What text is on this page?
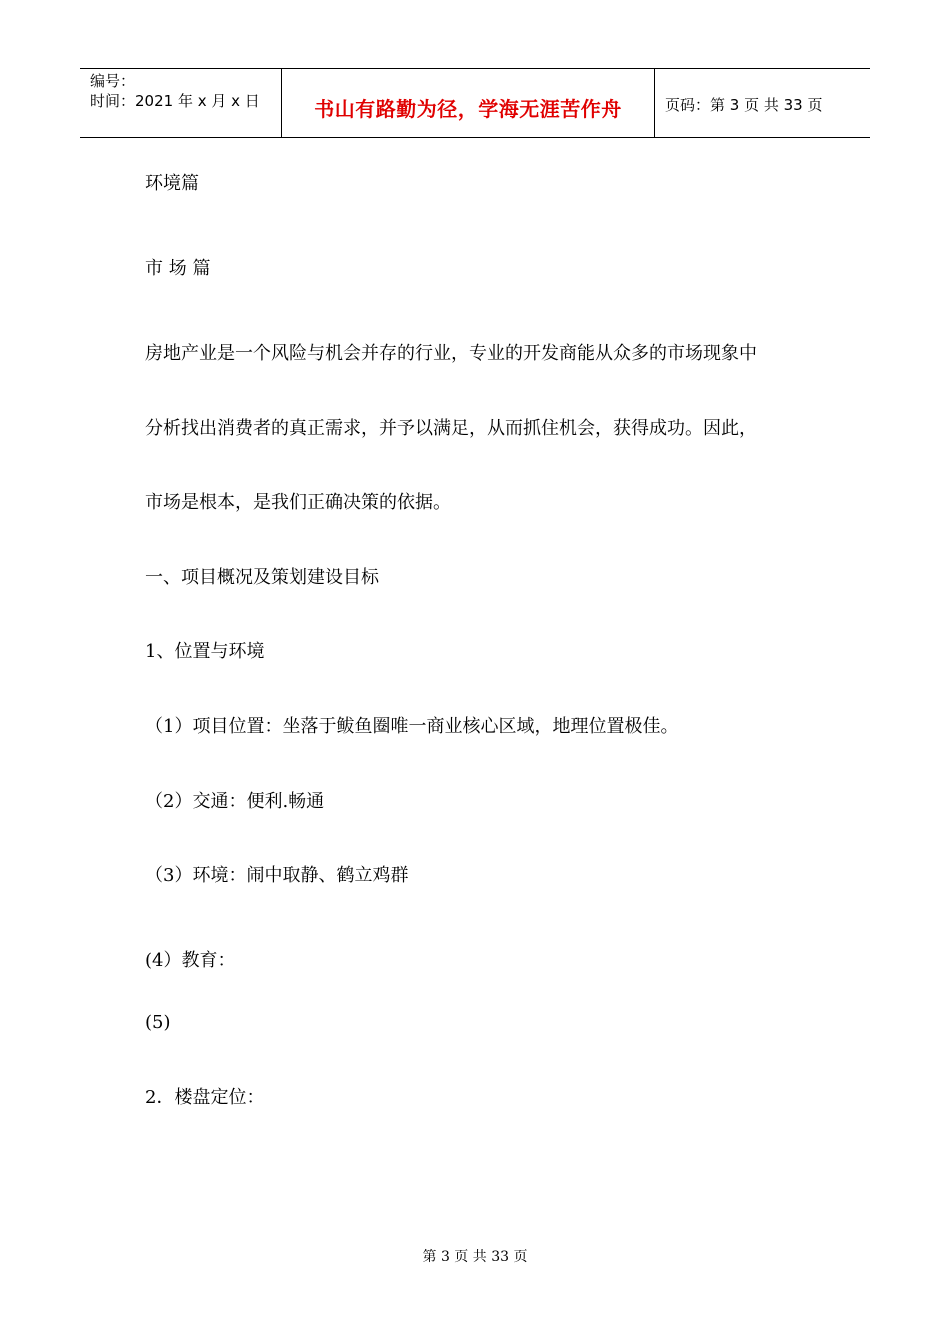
编号：
时间：2021 年 x 月 x 日	书山有路勤为径，学海无涯苦作舟	页码：第 3 页 共 33 页
环境篇
市 场 篇
房地产业是一个风险与机会并存的行业，专业的开发商能从众多的市场现象中
分析找出消费者的真正需求，并予以满足，从而抓住机会，获得成功。因此，
市场是根本，是我们正确决策的依据。
一、项目概况及策划建设目标
1、位置与环境
（1）项目位置：坐落于鲅鱼圈唯一商业核心区域，地理位置极佳。
（2）交通：便利.畅通
（3）环境：闹中取静、鹤立鸡群
(4）教育：
(5)
2．楼盘定位：
第 3 页 共 33 页
